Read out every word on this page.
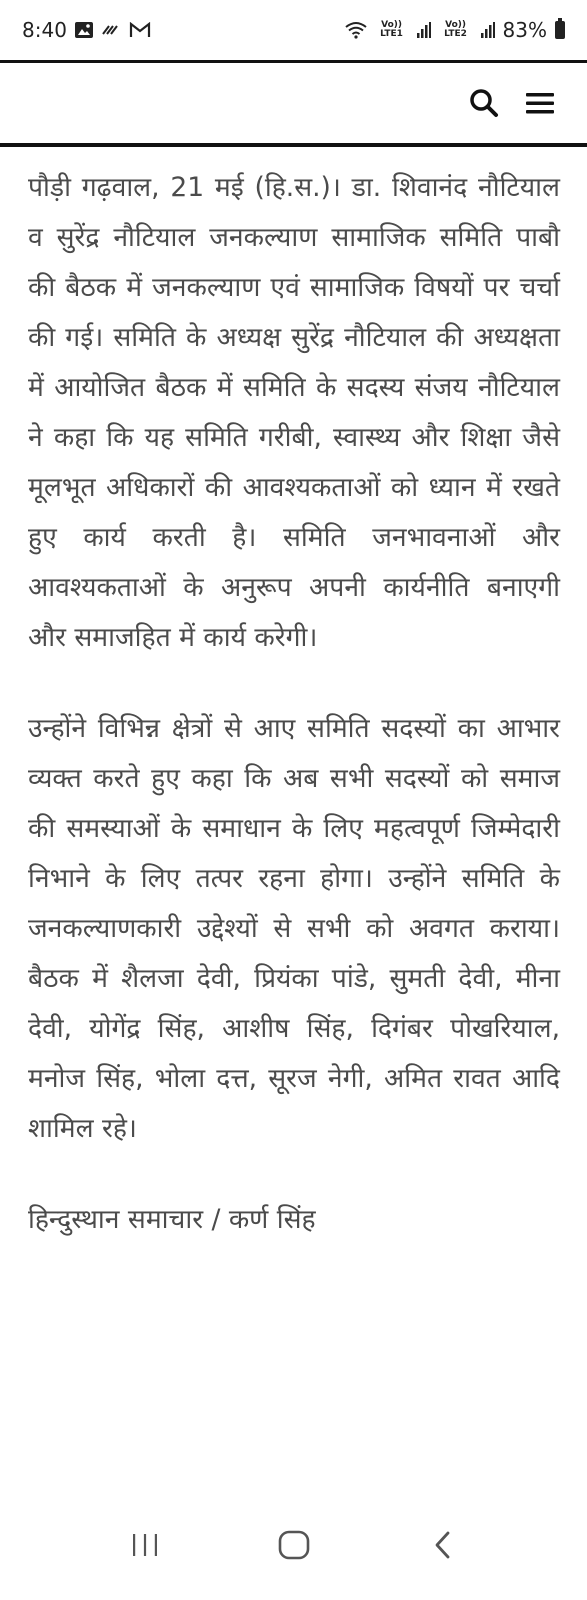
8:40	Vo)) LTE1
Vo)) LTE2 83%

पौड़ी गढ़वाल, 21 मई (हि.स.)। डा. शिवानंद नौटियाल व सुरेंद्र नौटियाल जनकल्याण सामाजिक समिति पाबौ की बैठक में जनकल्याण एवं सामाजिक विषयों पर चर्चा की गई। समिति के अध्यक्ष सुरेंद्र नौटियाल की अध्यक्षता में आयोजित बैठक में समिति के सदस्य संजय नौटियाल ने कहा कि यह समिति गरीबी, स्वास्थ्य और शिक्षा जैसे मूलभूत अधिकारों की आवश्यकताओं को ध्यान में रखते हुए कार्य करती है। समिति जनभावनाओं और आवश्यकताओं के अनुरूप अपनी कार्यनीति बनाएगी और समाजहित में कार्य करेगी।

उन्होंने विभिन्न क्षेत्रों से आए समिति सदस्यों का आभार व्यक्त करते हुए कहा कि अब सभी सदस्यों को समाज की समस्याओं के समाधान के लिए महत्वपूर्ण जिम्मेदारी निभाने के लिए तत्पर रहना होगा। उन्होंने समिति के जनकल्याणकारी उद्देश्यों से सभी को अवगत कराया। बैठक में शैलजा देवी, प्रियंका पांडे, सुमती देवी, मीना देवी, योगेंद्र सिंह, आशीष सिंह, दिगंबर पोखरियाल, मनोज सिंह, भोला दत्त, सूरज नेगी, अमित रावत आदि शामिल रहे।

हिन्दुस्थान समाचार / कर्ण सिंह
